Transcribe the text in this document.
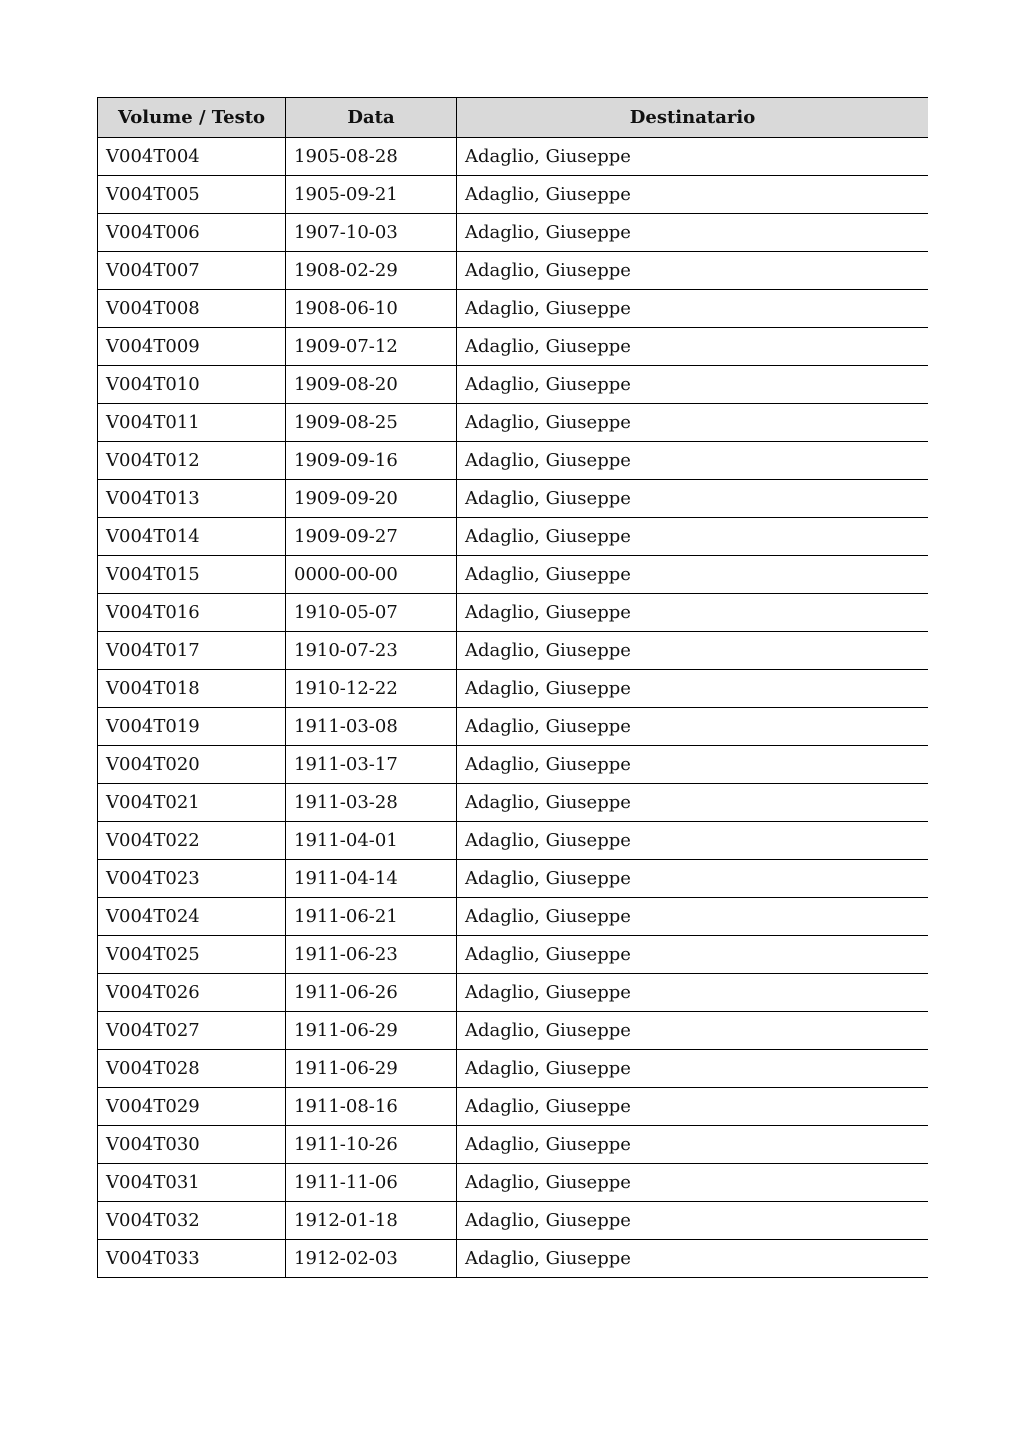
Volume / Testo	Data	Destinatario
V004T004	1905-08-28	Adaglio, Giuseppe
V004T005	1905-09-21	Adaglio, Giuseppe
V004T006	1907-10-03	Adaglio, Giuseppe
V004T007	1908-02-29	Adaglio, Giuseppe
V004T008	1908-06-10	Adaglio, Giuseppe
V004T009	1909-07-12	Adaglio, Giuseppe
V004T010	1909-08-20	Adaglio, Giuseppe
V004T011	1909-08-25	Adaglio, Giuseppe
V004T012	1909-09-16	Adaglio, Giuseppe
V004T013	1909-09-20	Adaglio, Giuseppe
V004T014	1909-09-27	Adaglio, Giuseppe
V004T015	0000-00-00	Adaglio, Giuseppe
V004T016	1910-05-07	Adaglio, Giuseppe
V004T017	1910-07-23	Adaglio, Giuseppe
V004T018	1910-12-22	Adaglio, Giuseppe
V004T019	1911-03-08	Adaglio, Giuseppe
V004T020	1911-03-17	Adaglio, Giuseppe
V004T021	1911-03-28	Adaglio, Giuseppe
V004T022	1911-04-01	Adaglio, Giuseppe
V004T023	1911-04-14	Adaglio, Giuseppe
V004T024	1911-06-21	Adaglio, Giuseppe
V004T025	1911-06-23	Adaglio, Giuseppe
V004T026	1911-06-26	Adaglio, Giuseppe
V004T027	1911-06-29	Adaglio, Giuseppe
V004T028	1911-06-29	Adaglio, Giuseppe
V004T029	1911-08-16	Adaglio, Giuseppe
V004T030	1911-10-26	Adaglio, Giuseppe
V004T031	1911-11-06	Adaglio, Giuseppe
V004T032	1912-01-18	Adaglio, Giuseppe
V004T033	1912-02-03	Adaglio, Giuseppe
